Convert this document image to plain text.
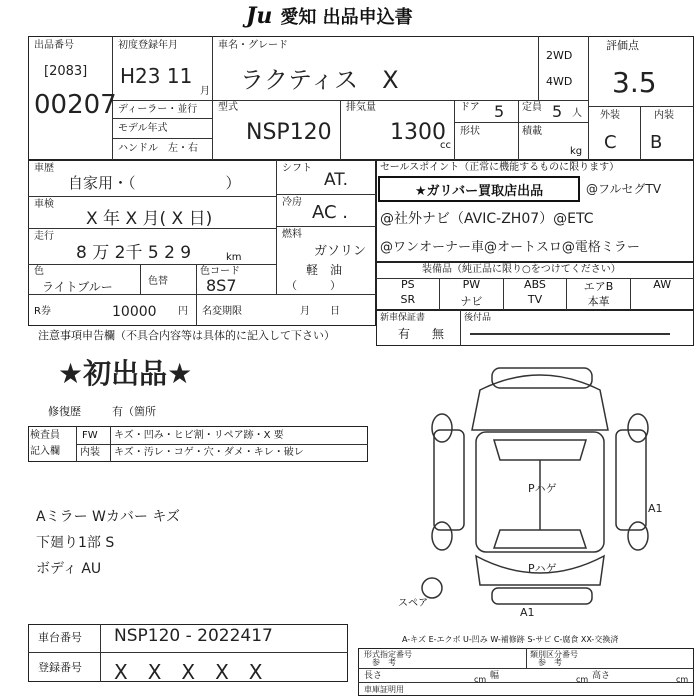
Ju 愛知 出品申込書
出品番号
[2083]
00207
初度登録年月
H23 11
月
ディーラー・並行
モデル年式
ハンドル　左・右
車名・グレード
ラクティス　X
2WD
4WD
型式
NSP120
排気量
1300
cc
ドア 5 定員 5 人
形状	積載
kg
評価点
3.5
外装	内装
C B
車歴
自家用・（　　　　　　）
シフト
AT.
車検
X 年 X 月( X 日)
冷房 AC .
走行
8 万 2千 5 2 9	km
燃料
ガソリン
軽　油
（　　　）
色
ライトブルー	色替
色コード
8S7
R券	10000 円 名変期限	月　　日
セールスポイント（正常に機能するものに限ります）
★ガリバー買取店出品	@フルセグTV
@社外ナビ（AVIC-ZH07）@ETC
@ワンオーナー車@オートスロ@電格ミラー
装備品（純正品に限り○をつけてください）
PS	PW	ABS	エアB	AW
SR	ナビ	TV	本革
新車保証書
有 無
後付品
注意事項申告欄（不具合内容等は具体的に記入して下さい）
★初出品★
修復歴	有（箇所
検査員
記入欄
FW キズ・凹み・ヒビ割・リペア跡・X 要
内装 キズ・汚レ・コゲ・穴・ダメ・キレ・破レ
Aミラー Wカバー キズ
下廻り1部 S
ボディ AU
Pハゲ
Pハゲ
A1
A1
スペア
A-キズ E-エクボ U-凹み W-補修跡 S-サビ C-腐食 XX-交換済
車台番号 NSP120 - 2022417
登録番号 X　X　X　X　X
形式指定番号
参　考
類別区分番号
参　考
長さ	cm 幅	cm 高さ	cm
車庫証明用
